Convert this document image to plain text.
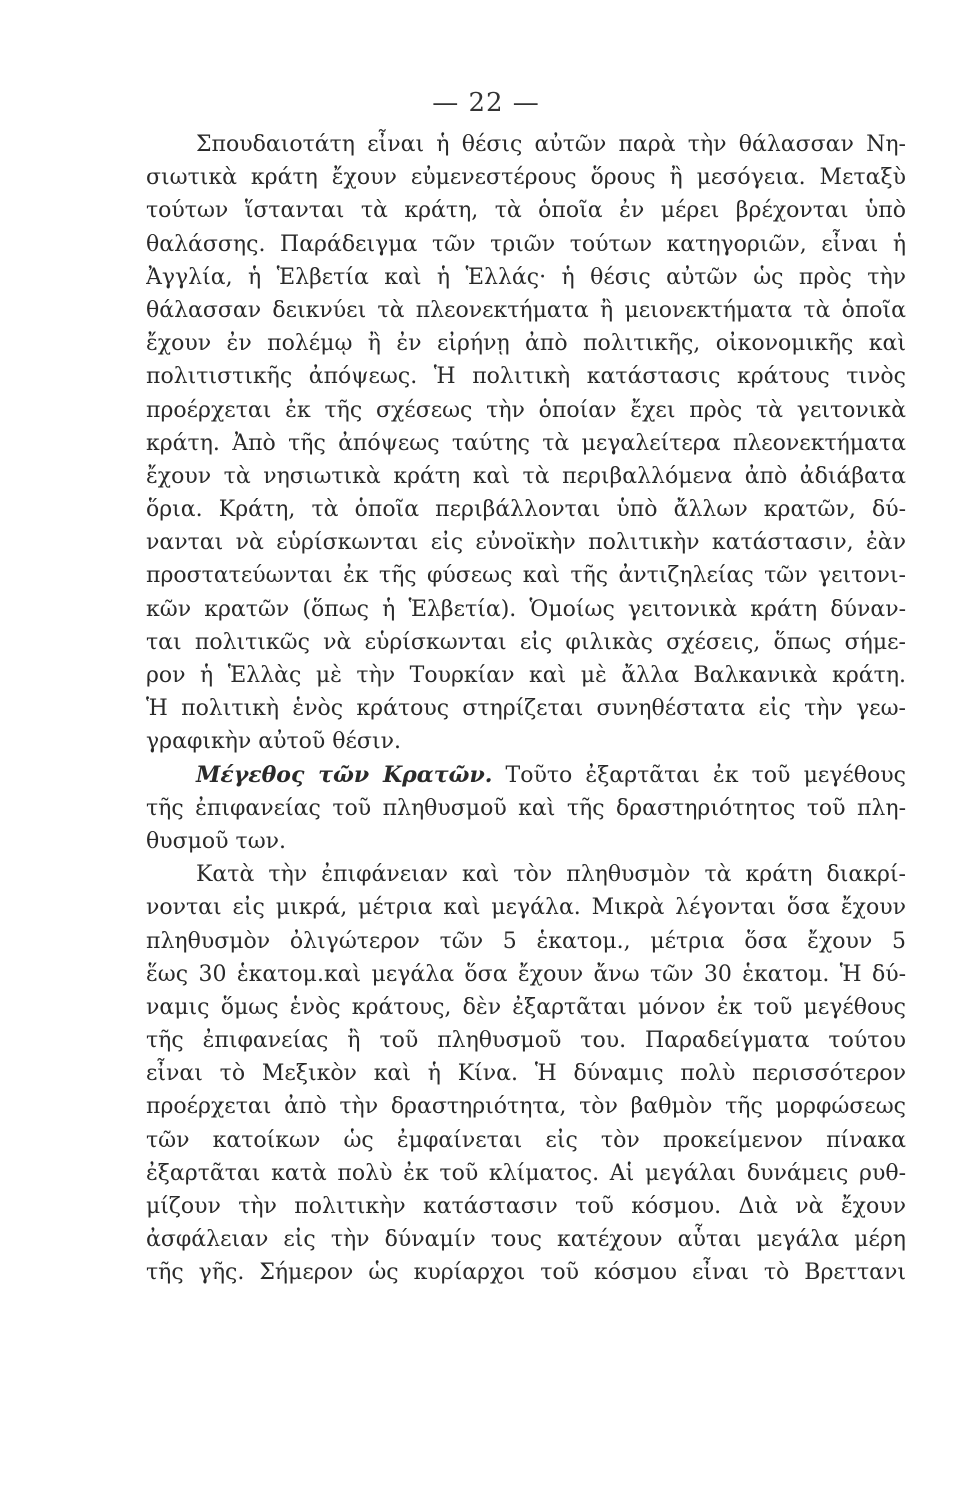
— 22 —
Σπουδαιοτάτη εἶναι ἡ θέσις αὐτῶν παρὰ τὴν θάλασσαν Νη-
σιωτικὰ κράτη ἔχουν εὐμενεστέρους ὅρους ἢ μεσόγεια. Μεταξὺ
τούτων ἵστανται τὰ κράτη, τὰ ὁποῖα ἐν μέρει βρέχονται ὑπὸ
θαλάσσης. Παράδειγμα τῶν τριῶν τούτων κατηγοριῶν, εἶναι ἡ
Ἀγγλία, ἡ Ἑλβετία καὶ ἡ Ἑλλάς· ἡ θέσις αὐτῶν ὡς πρὸς τὴν
θάλασσαν δεικνύει τὰ πλεονεκτήματα ἢ μειονεκτήματα τὰ ὁποῖα
ἔχουν ἐν πολέμῳ ἢ ἐν εἰρήνῃ ἀπὸ πολιτικῆς, οἰκονομικῆς καὶ
πολιτιστικῆς ἀπόψεως. Ἡ πολιτικὴ κατάστασις κράτους τινὸς
προέρχεται ἐκ τῆς σχέσεως τὴν ὁποίαν ἔχει πρὸς τὰ γειτονικὰ
κράτη. Ἀπὸ τῆς ἀπόψεως ταύτης τὰ μεγαλείτερα πλεονεκτήματα
ἔχουν τὰ νησιωτικὰ κράτη καὶ τὰ περιβαλλόμενα ἀπὸ ἀδιάβατα
ὅρια. Κράτη, τὰ ὁποῖα περιβάλλονται ὑπὸ ἄλλων κρατῶν, δύ-
νανται νὰ εὑρίσκωνται εἰς εὐνοϊκὴν πολιτικὴν κατάστασιν, ἐὰν
προστατεύωνται ἐκ τῆς φύσεως καὶ τῆς ἀντιζηλείας τῶν γειτονι-
κῶν κρατῶν (ὅπως ἡ Ἑλβετία). Ὁμοίως γειτονικὰ κράτη δύναν-
ται πολιτικῶς νὰ εὑρίσκωνται εἰς φιλικὰς σχέσεις, ὅπως σήμε-
ρον ἡ Ἑλλὰς μὲ τὴν Τουρκίαν καὶ μὲ ἄλλα Βαλκανικὰ κράτη.
Ἡ πολιτικὴ ἑνὸς κράτους στηρίζεται συνηθέστατα εἰς τὴν γεω-
γραφικὴν αὐτοῦ θέσιν.
Μέγεθος τῶν Κρατῶν. Τοῦτο ἐξαρτᾶται ἐκ τοῦ μεγέθους
τῆς ἐπιφανείας τοῦ πληθυσμοῦ καὶ τῆς δραστηριότητος τοῦ πλη-
θυσμοῦ των.
Κατὰ τὴν ἐπιφάνειαν καὶ τὸν πληθυσμὸν τὰ κράτη διακρί-
νονται εἰς μικρά, μέτρια καὶ μεγάλα. Μικρὰ λέγονται ὅσα ἔχουν
πληθυσμὸν ὀλιγώτερον τῶν 5 ἑκατομ., μέτρια ὅσα ἔχουν 5
ἕως 30 ἑκατομ.καὶ μεγάλα ὅσα ἔχουν ἄνω τῶν 30 ἑκατομ. Ἡ δύ-
ναμις ὅμως ἑνὸς κράτους, δὲν ἐξαρτᾶται μόνον ἐκ τοῦ μεγέθους
τῆς ἐπιφανείας ἢ τοῦ πληθυσμοῦ του. Παραδείγματα τούτου
εἶναι τὸ Μεξικὸν καὶ ἡ Κίνα. Ἡ δύναμις πολὺ περισσότερον
προέρχεται ἀπὸ τὴν δραστηριότητα, τὸν βαθμὸν τῆς μορφώσεως
τῶν κατοίκων ὡς ἐμφαίνεται εἰς τὸν προκείμενον πίνακα
ἐξαρτᾶται κατὰ πολὺ ἐκ τοῦ κλίματος. Αἱ μεγάλαι δυνάμεις ρυθ-
μίζουν τὴν πολιτικὴν κατάστασιν τοῦ κόσμου. Διὰ νὰ ἔχουν
ἀσφάλειαν εἰς τὴν δύναμίν τους κατέχουν αὗται μεγάλα μέρη
τῆς γῆς. Σήμερον ὡς κυρίαρχοι τοῦ κόσμου εἶναι τὸ Βρεττανι
